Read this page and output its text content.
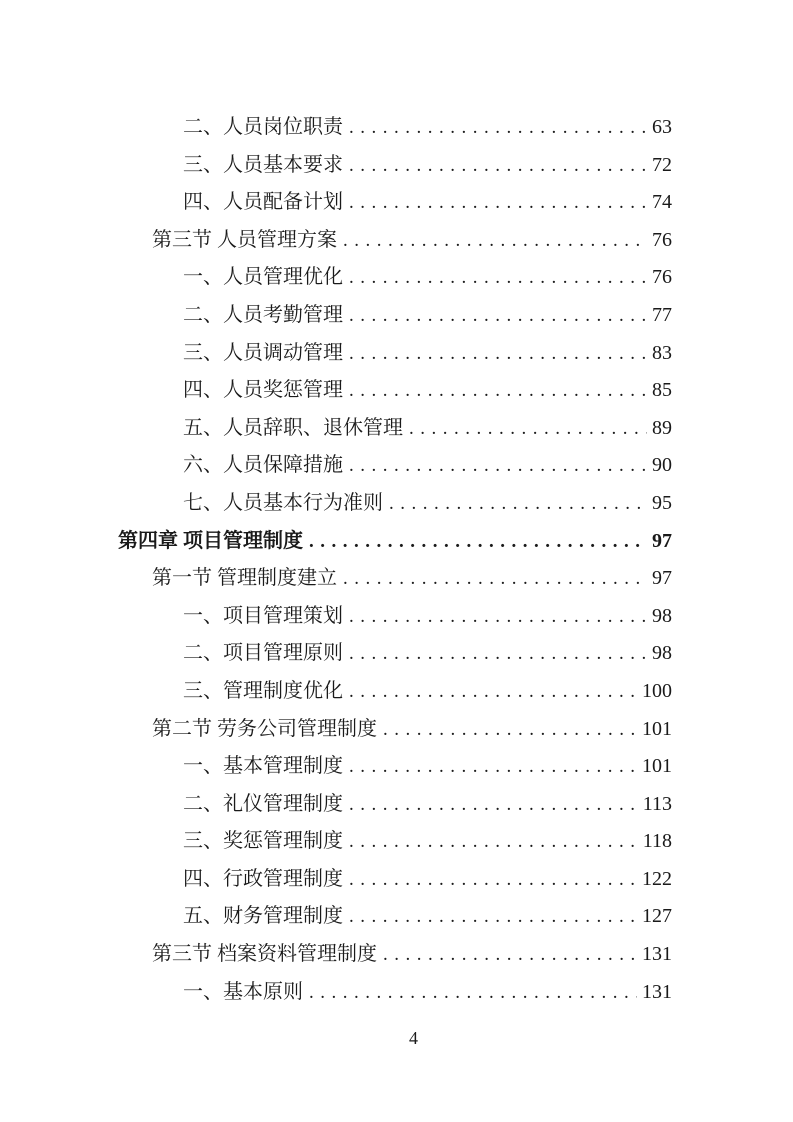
二、人员岗位职责 .....	63
三、人员基本要求 .....	72
四、人员配备计划 .....	74
第三节 人员管理方案 .....	76
一、人员管理优化 .....	76
二、人员考勤管理 .....	77
三、人员调动管理 .....	83
四、人员奖惩管理 .....	85
五、人员辞职、退休管理 .....	89
六、人员保障措施 .....	90
七、人员基本行为准则 .....	95
第四章 项目管理制度 .....	97
第一节 管理制度建立 .....	97
一、项目管理策划 .....	98
二、项目管理原则 .....	98
三、管理制度优化 .....	100
第二节 劳务公司管理制度 .....	101
一、基本管理制度 .....	101
二、礼仪管理制度 .....	113
三、奖惩管理制度 .....	118
四、行政管理制度 .....	122
五、财务管理制度 .....	127
第三节 档案资料管理制度 .....	131
一、基本原则 .....	131
4
